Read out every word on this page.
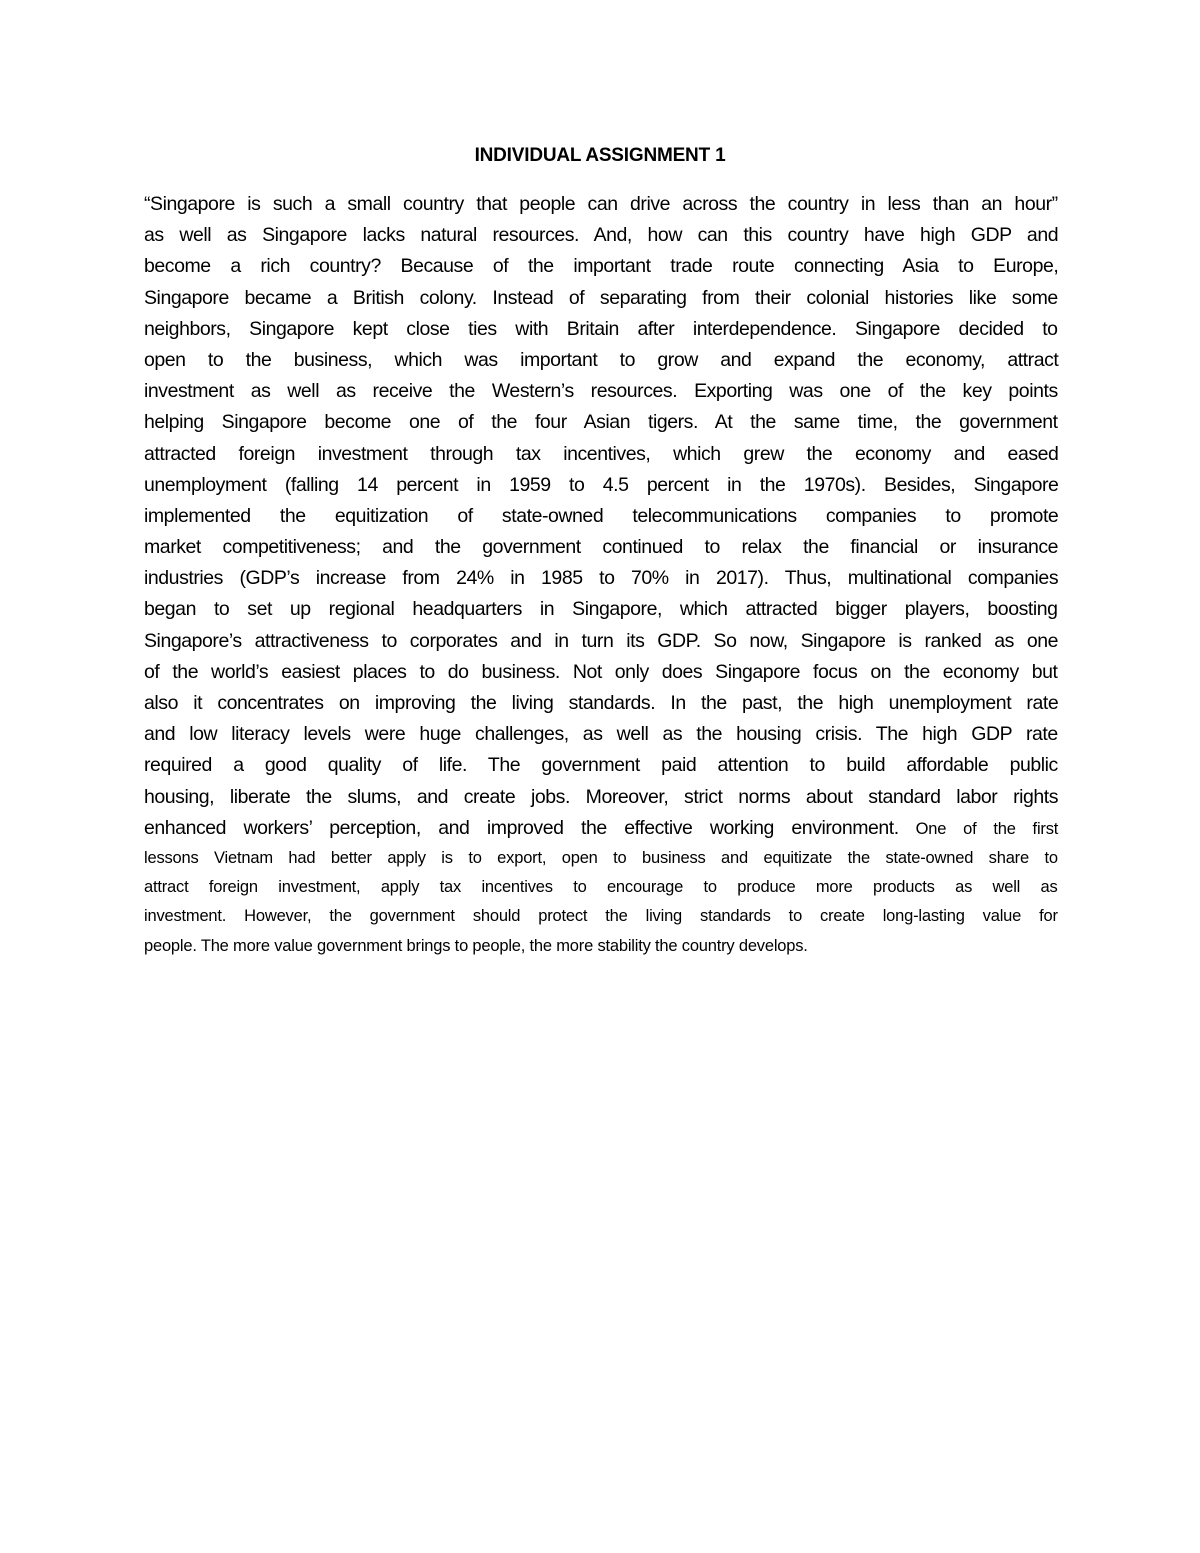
INDIVIDUAL ASSIGNMENT 1
“Singapore is such a small country that people can drive across the country in less than an hour”
as well as Singapore lacks natural resources. And, how can this country have high GDP and
become a rich country? Because of the important trade route connecting Asia to Europe,
Singapore became a British colony. Instead of separating from their colonial histories like some
neighbors, Singapore kept close ties with Britain after interdependence. Singapore decided to
open to the business, which was important to grow and expand the economy, attract
investment as well as receive the Western’s resources. Exporting was one of the key points
helping Singapore become one of the four Asian tigers. At the same time, the government
attracted foreign investment through tax incentives, which grew the economy and eased
unemployment (falling 14 percent in 1959 to 4.5 percent in the 1970s). Besides, Singapore
implemented the equitization of state-owned telecommunications companies to promote
market competitiveness; and the government continued to relax the financial or insurance
industries (GDP’s increase from 24% in 1985 to 70% in 2017). Thus, multinational companies
began to set up regional headquarters in Singapore, which attracted bigger players, boosting
Singapore’s attractiveness to corporates and in turn its GDP. So now, Singapore is ranked as one
of the world’s easiest places to do business. Not only does Singapore focus on the economy but
also it concentrates on improving the living standards. In the past, the high unemployment rate
and low literacy levels were huge challenges, as well as the housing crisis. The high GDP rate
required a good quality of life. The government paid attention to build affordable public
housing, liberate the slums, and create jobs. Moreover, strict norms about standard labor rights
enhanced workers’ perception, and improved the effective working environment. One of the first
lessons Vietnam had better apply is to export, open to business and equitizate the state-owned share to
attract foreign investment, apply tax incentives to encourage to produce more products as well as
investment. However, the government should protect the living standards to create long-lasting value for
people. The more value government brings to people, the more stability the country develops.
